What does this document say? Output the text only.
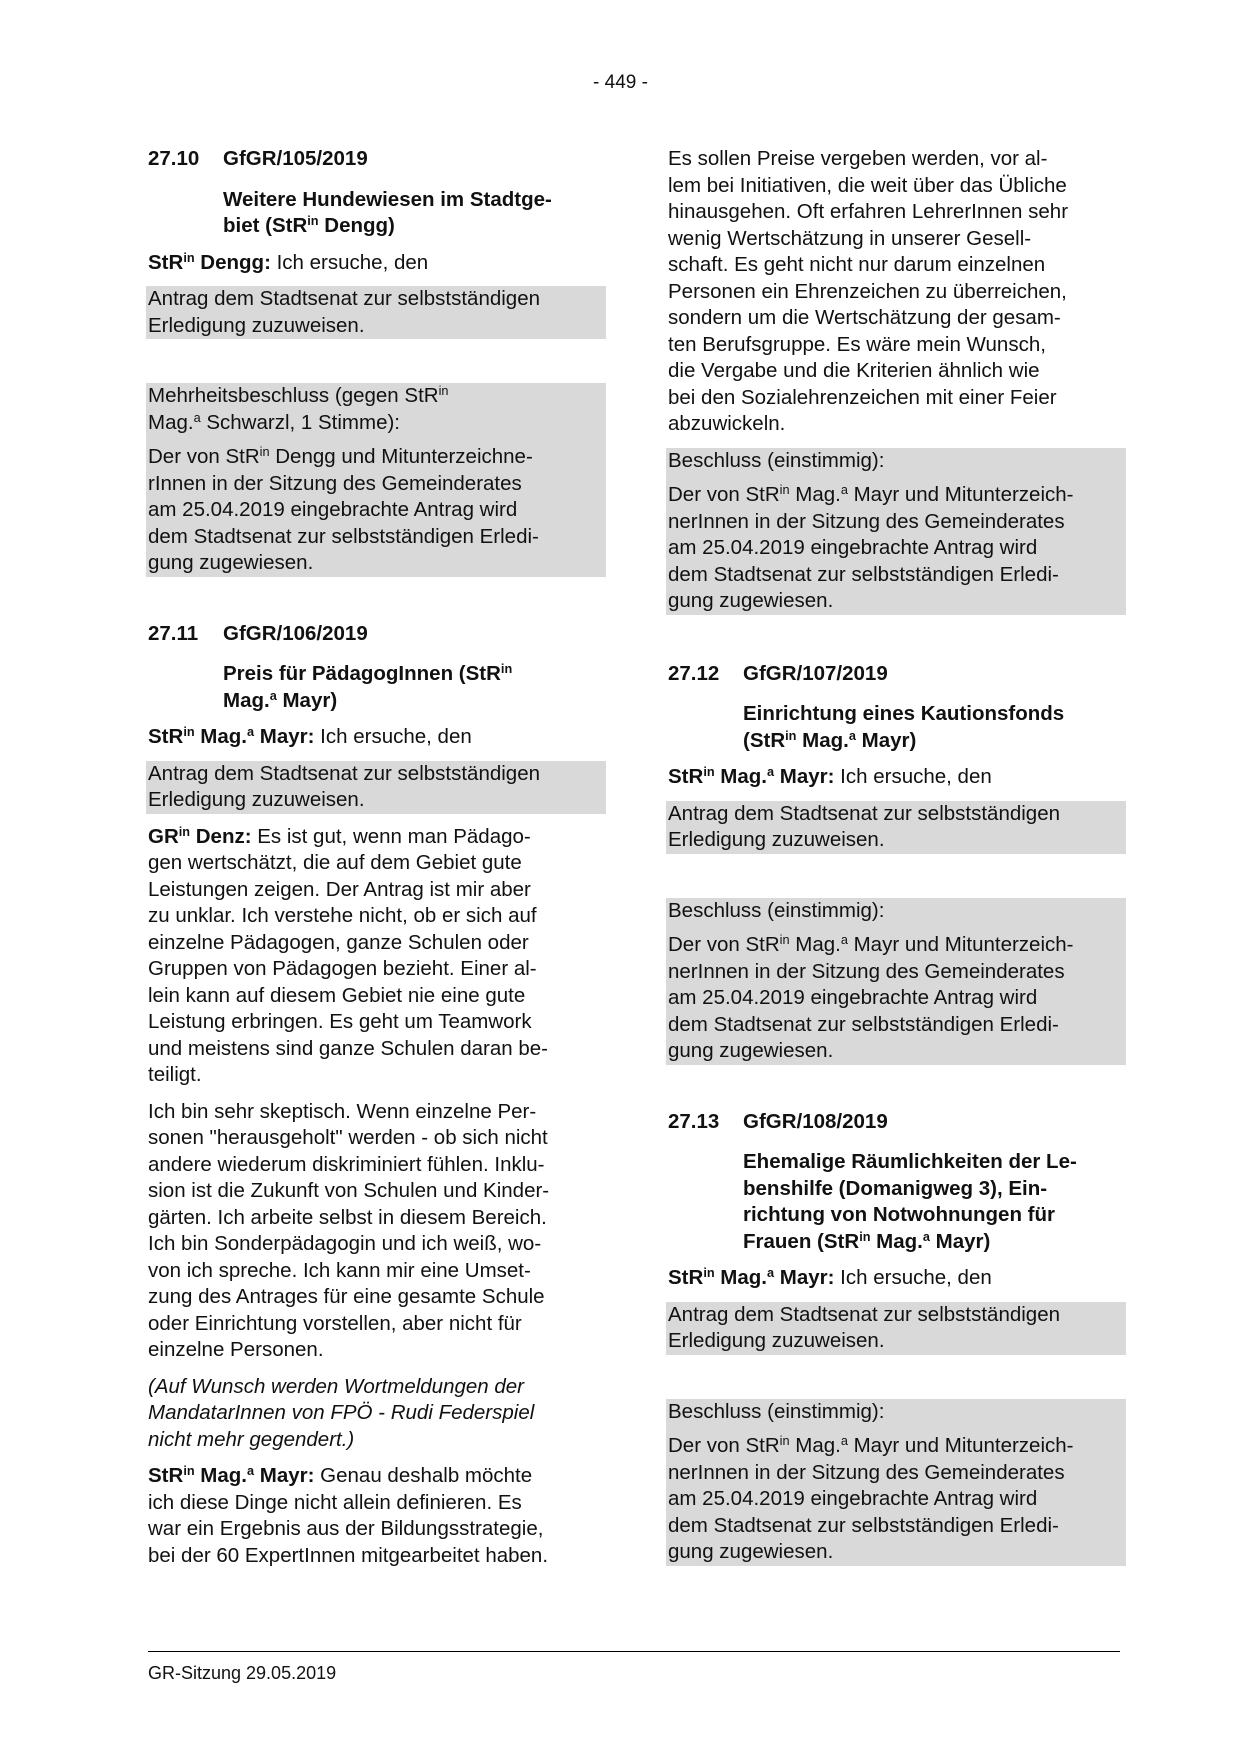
- 449 -
27.10	GfGR/105/2019
Weitere Hundewiesen im Stadtge-
biet (StR$^{in}$ Dengg)

StR$^{in}$ Dengg: Ich ersuche, den

Antrag dem Stadtsenat zur selbstständigen
Erledigung zuzuweisen.

Mehrheitsbeschluss (gegen StR$^{in}$
Mag.$^a$ Schwarzl, 1 Stimme):

Der von StR$^{in}$ Dengg und Mitunterzeichne-
rInnen in der Sitzung des Gemeinderates
am 25.04.2019 eingebrachte Antrag wird
dem Stadtsenat zur selbstständigen Erledi-
gung zugewiesen.

27.11	GfGR/106/2019
Preis für PädagogInnen (StR$^{in}$
Mag.$^a$ Mayr)

StR$^{in}$ Mag.$^a$ Mayr: Ich ersuche, den

Antrag dem Stadtsenat zur selbstständigen
Erledigung zuzuweisen.

$GR^{in}$ Denz: Es ist gut, wenn man Pädago-
gen wertschätzt, die auf dem Gebiet gute
Leistungen zeigen. Der Antrag ist mir aber
zu unklar. Ich verstehe nicht, ob er sich auf
einzelne Pädagogen, ganze Schulen oder
Gruppen von Pädagogen bezieht. Einer al-
lein kann auf diesem Gebiet nie eine gute
Leistung erbringen. Es geht um Teamwork
und meistens sind ganze Schulen daran be-
teiligt.

Ich bin sehr skeptisch. Wenn einzelne Per-
sonen "herausgeholt" werden - ob sich nicht
andere wiederum diskriminiert fühlen. Inklu-
sion ist die Zukunft von Schulen und Kinder-
gärten. Ich arbeite selbst in diesem Bereich.
Ich bin Sonderpädagogin und ich weiß, wo-
von ich spreche. Ich kann mir eine Umset-
zung des Antrages für eine gesamte Schule
oder Einrichtung vorstellen, aber nicht für
einzelne Personen.

(Auf Wunsch werden Wortmeldungen der
MandatarInnen von FPÖ - Rudi Federspiel
nicht mehr gegendert.)

StR$^{in}$ Mag.$^a$ Mayr: Genau deshalb möchte
ich diese Dinge nicht allein definieren. Es
war ein Ergebnis aus der Bildungsstrategie,
bei der 60 ExpertInnen mitgearbeitet haben.

Es sollen Preise vergeben werden, vor al-
lem bei Initiativen, die weit über das Übliche
hinausgehen. Oft erfahren LehrerInnen sehr
wenig Wertschätzung in unserer Gesell-
schaft. Es geht nicht nur darum einzelnen
Personen ein Ehrenzeichen zu überreichen,
sondern um die Wertschätzung der gesam-
ten Berufsgruppe. Es wäre mein Wunsch,
die Vergabe und die Kriterien ähnlich wie
bei den Sozialehrenzeichen mit einer Feier
abzuwickeln.

Beschluss (einstimmig):

Der von StR$^{in}$ Mag.$^a$ Mayr und Mitunterzeich-
nerInnen in der Sitzung des Gemeinderates
am 25.04.2019 eingebrachte Antrag wird
dem Stadtsenat zur selbstständigen Erledi-
gung zugewiesen.

27.12	GfGR/107/2019
Einrichtung eines Kautionsfonds
(StR$^{in}$ Mag.$^a$ Mayr)

StR$^{in}$ Mag.$^a$ Mayr: Ich ersuche, den

Antrag dem Stadtsenat zur selbstständigen
Erledigung zuzuweisen.

Beschluss (einstimmig):

Der von StR$^{in}$ Mag.$^a$ Mayr und Mitunterzeich-
nerInnen in der Sitzung des Gemeinderates
am 25.04.2019 eingebrachte Antrag wird
dem Stadtsenat zur selbstständigen Erledi-
gung zugewiesen.

27.13	GfGR/108/2019
Ehemalige Räumlichkeiten der Le-
benshilfe (Domanigweg 3), Ein-
richtung von Notwohnungen für
Frauen (StR$^{in}$ Mag.$^a$ Mayr)

StR$^{in}$ Mag.$^a$ Mayr: Ich ersuche, den

Antrag dem Stadtsenat zur selbstständigen
Erledigung zuzuweisen.

Beschluss (einstimmig):

Der von StR$^{in}$ Mag.$^a$ Mayr und Mitunterzeich-
nerInnen in der Sitzung des Gemeinderates
am 25.04.2019 eingebrachte Antrag wird
dem Stadtsenat zur selbstständigen Erledi-
gung zugewiesen.

GR-Sitzung 29.05.2019
